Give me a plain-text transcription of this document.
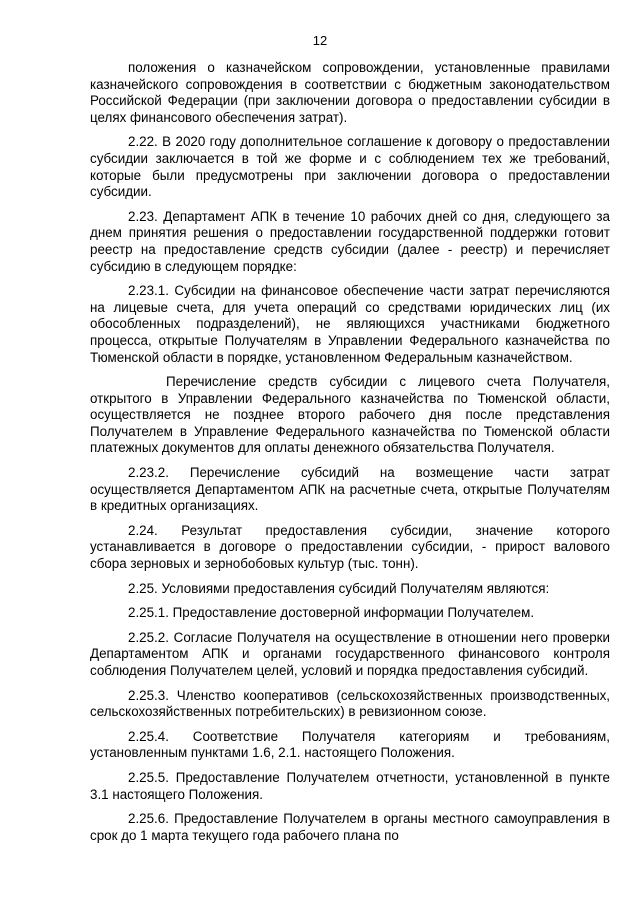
12

положения о казначейском сопровождении, установленные правилами казначейского сопровождения в соответствии с бюджетным законодательством Российской Федерации (при заключении договора о предоставлении субсидии в целях финансового обеспечения затрат).

2.22. В 2020 году дополнительное соглашение к договору о предоставлении субсидии заключается в той же форме и с соблюдением тех же требований, которые были предусмотрены при заключении договора о предоставлении субсидии.

2.23. Департамент АПК в течение 10 рабочих дней со дня, следующего за днем принятия решения о предоставлении государственной поддержки готовит реестр на предоставление средств субсидии (далее - реестр) и перечисляет субсидию в следующем порядке:

2.23.1. Субсидии на финансовое обеспечение части затрат перечисляются на лицевые счета, для учета операций со средствами юридических лиц (их обособленных подразделений), не являющихся участниками бюджетного процесса, открытые Получателям в Управлении Федерального казначейства по Тюменской области в порядке, установленном Федеральным казначейством.

Перечисление средств субсидии с лицевого счета Получателя, открытого в Управлении Федерального казначейства по Тюменской области, осуществляется не позднее второго рабочего дня после представления Получателем в Управление Федерального казначейства по Тюменской области платежных документов для оплаты денежного обязательства Получателя.

2.23.2. Перечисление субсидий на возмещение части затрат осуществляется Департаментом АПК на расчетные счета, открытые Получателям в кредитных организациях.

2.24. Результат предоставления субсидии, значение которого устанавливается в договоре о предоставлении субсидии, - прирост валового сбора зерновых и зернобобовых культур (тыс. тонн).

2.25. Условиями предоставления субсидий Получателям являются:

2.25.1. Предоставление достоверной информации Получателем.

2.25.2. Согласие Получателя на осуществление в отношении него проверки Департаментом АПК и органами государственного финансового контроля соблюдения Получателем целей, условий и порядка предоставления субсидий.

2.25.3. Членство кооперативов (сельскохозяйственных производственных, сельскохозяйственных потребительских) в ревизионном союзе.

2.25.4. Соответствие Получателя категориям и требованиям, установленным пунктами 1.6, 2.1. настоящего Положения.

2.25.5. Предоставление Получателем отчетности, установленной в пункте 3.1 настоящего Положения.

2.25.6. Предоставление Получателем в органы местного самоуправления в срок до 1 марта текущего года рабочего плана по
